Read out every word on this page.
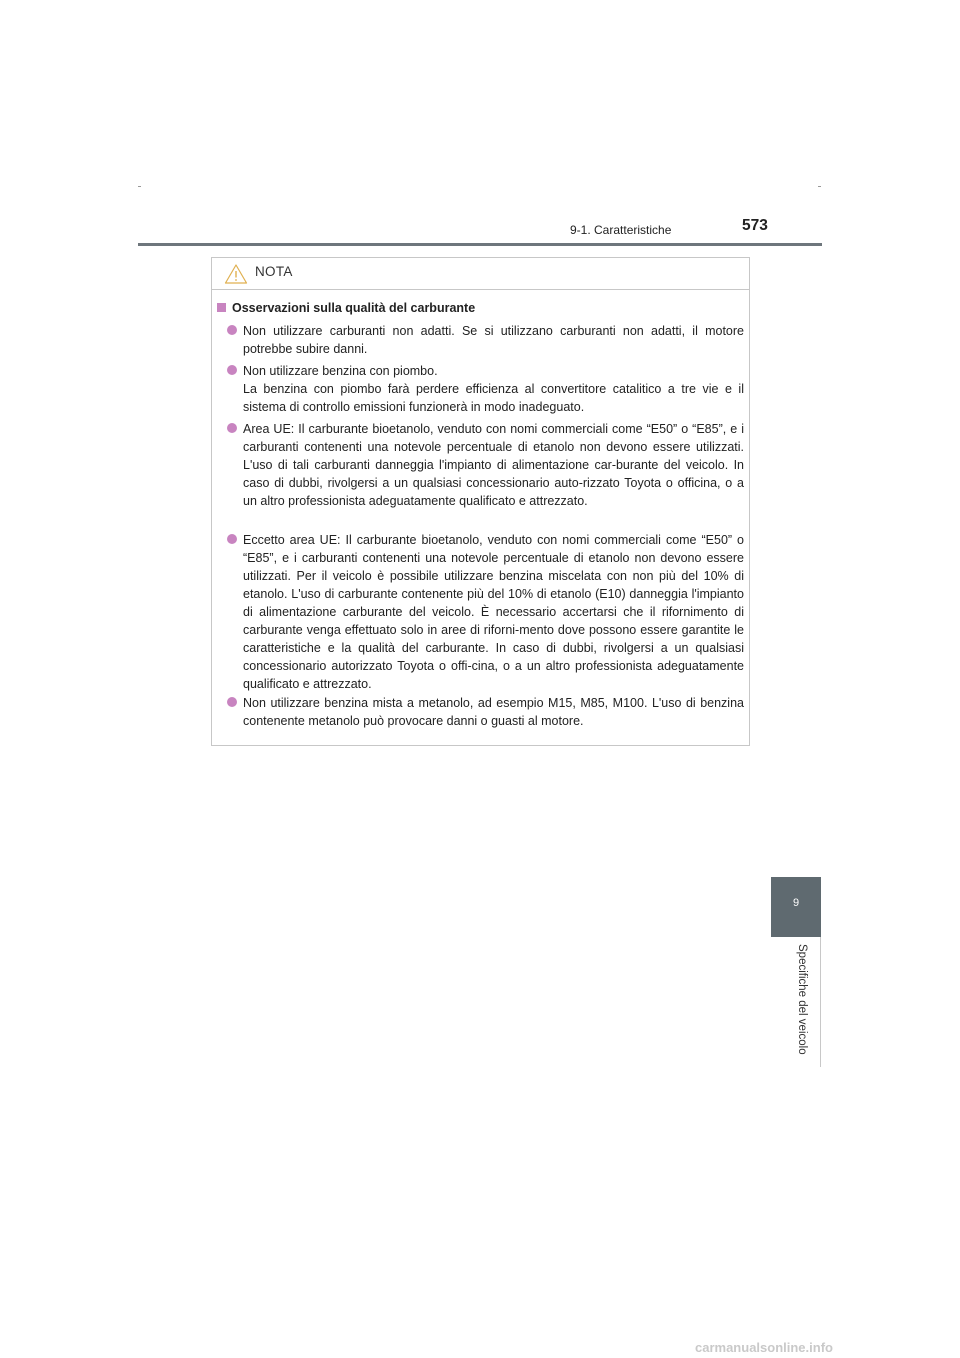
9-1. Caratteristiche	573
NOTA
Osservazioni sulla qualità del carburante

Non utilizzare carburanti non adatti. Se si utilizzano carburanti non adatti, il motore potrebbe subire danni.

Non utilizzare benzina con piombo.

La benzina con piombo farà perdere efficienza al convertitore catalitico a tre vie e il sistema di controllo emissioni funzionerà in modo inadeguato.

Area UE: Il carburante bioetanolo, venduto con nomi commerciali come “E50” o “E85”, e i carburanti contenenti una notevole percentuale di etanolo non devono essere utilizzati. L'uso di tali carburanti danneggia l'impianto di alimentazione car-burante del veicolo. In caso di dubbi, rivolgersi a un qualsiasi concessionario auto-rizzato Toyota o officina, o a un altro professionista adeguatamente qualificato e attrezzato.

Eccetto area UE: Il carburante bioetanolo, venduto con nomi commerciali come “E50” o “E85”, e i carburanti contenenti una notevole percentuale di etanolo non devono essere utilizzati. Per il veicolo è possibile utilizzare benzina miscelata con non più del 10% di etanolo. L'uso di carburante contenente più del 10% di etanolo (E10) danneggia l'impianto di alimentazione carburante del veicolo. È necessario accertarsi che il rifornimento di carburante venga effettuato solo in aree di riforni-mento dove possono essere garantite le caratteristiche e la qualità del carburante. In caso di dubbi, rivolgersi a un qualsiasi concessionario autorizzato Toyota o offi-cina, o a un altro professionista adeguatamente qualificato e attrezzato.

Non utilizzare benzina mista a metanolo, ad esempio M15, M85, M100. L'uso di benzina contenente metanolo può provocare danni o guasti al motore.

9
Specifiche del veicolo
carmanualsonline.info
